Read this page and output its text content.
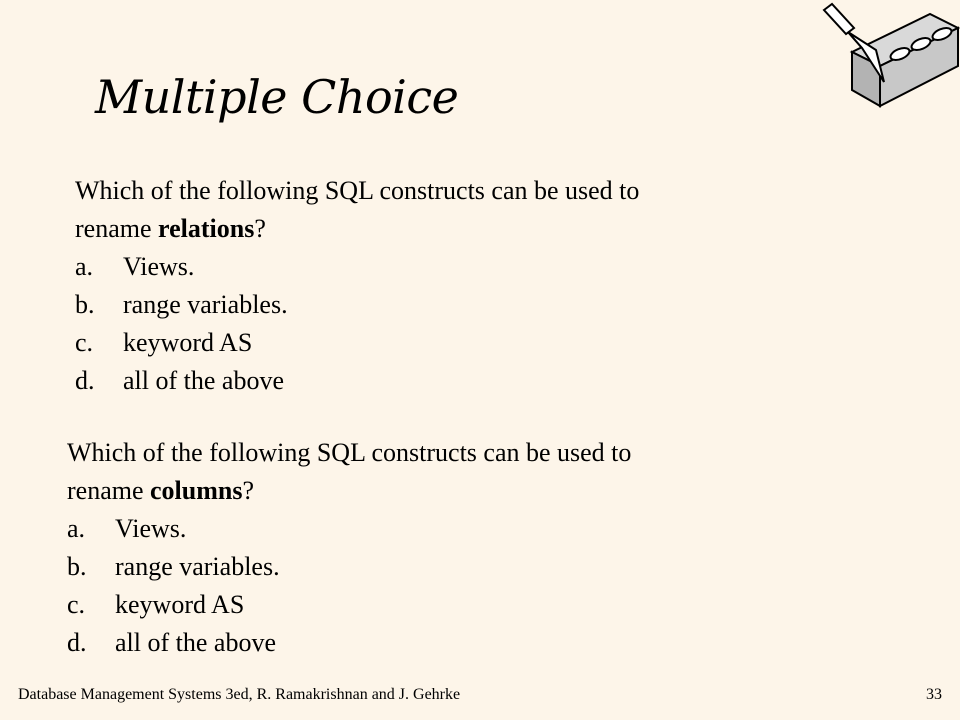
Multiple Choice
Which of the following SQL constructs can be used to
rename relations?
a.	Views.
b.	range variables.
c.	keyword AS
d.	all of the above
Which of the following SQL constructs can be used to
rename columns?
a.	Views.
b.	range variables.
c.	keyword AS
d.	all of the above
Database Management Systems 3ed, R. Ramakrishnan and J. Gehrke	33
